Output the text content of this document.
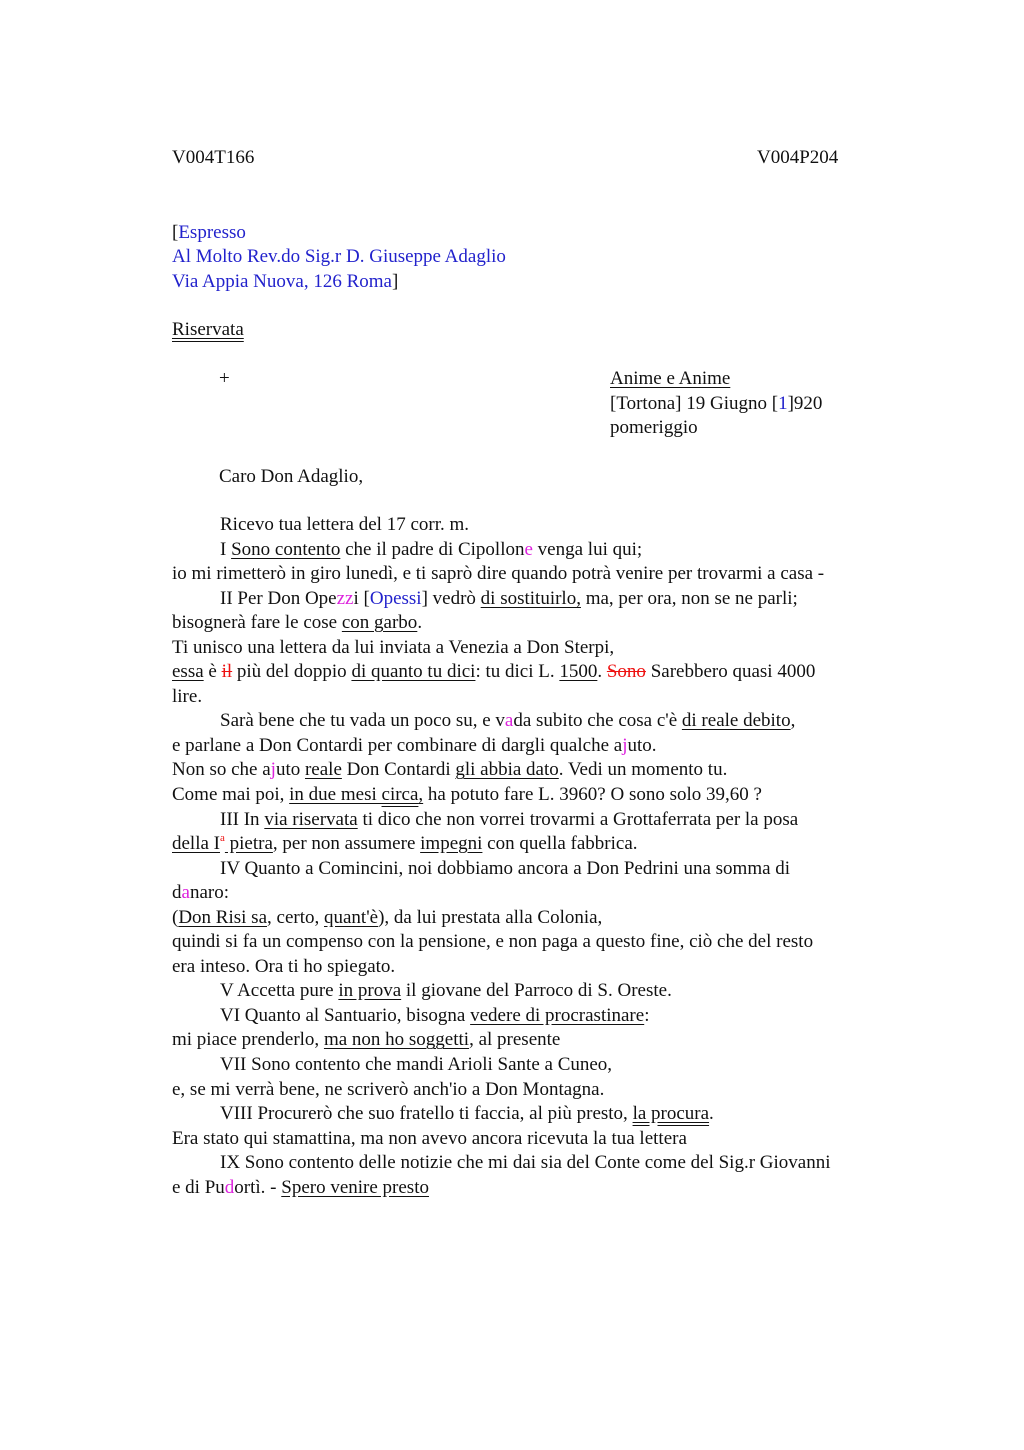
V004T166	V004P204
[Espresso
Al Molto Rev.do Sig.r D. Giuseppe Adaglio
Via Appia Nuova, 126 Roma]
Riservata
+	Anime e Anime
[Tortona] 19 Giugno [1]920
pomeriggio
Caro Don Adaglio,
Ricevo tua lettera del 17 corr. m.
I Sono contento che il padre di Cipollone venga lui qui;
io mi rimetterò in giro lunedì, e ti saprò dire quando potrà venire per trovarmi a casa -
II Per Don Opezzi [Opessi] vedrò di sostituirlo, ma, per ora, non se ne parli;
bisognerà fare le cose con garbo.
Ti unisco una lettera da lui inviata a Venezia a Don Sterpi,
essa è il più del doppio di quanto tu dici: tu dici L. 1500. Sono Sarebbero quasi 4000
lire.
Sarà bene che tu vada un poco su, e vada subito che cosa c'è di reale debito,
e parlane a Don Contardi per combinare di dargli qualche ajuto.
Non so che ajuto reale Don Contardi gli abbia dato. Vedi un momento tu.
Come mai poi, in due mesi circa, ha potuto fare L. 3960? O sono solo 39,60 ?
III In via riservata ti dico che non vorrei trovarmi a Grottaferrata per la posa
della $I^a$ pietra, per non assumere impegni con quella fabbrica.
IV Quanto a Comincini, noi dobbiamo ancora a Don Pedrini una somma di
danaro:
(Don Risi sa, certo, quant'è), da lui prestata alla Colonia,
quindi si fa un compenso con la pensione, e non paga a questo fine, ciò che del resto
era inteso. Ora ti ho spiegato.
V Accetta pure in prova il giovane del Parroco di S. Oreste.
VI Quanto al Santuario, bisogna vedere di procrastinare:
mi piace prenderlo, ma non ho soggetti, al presente
VII Sono contento che mandi Arioli Sante a Cuneo,
e, se mi verrà bene, ne scriverò anch'io a Don Montagna.
VIII Procurerò che suo fratello ti faccia, al più presto, la procura.
Era stato qui stamattina, ma non avevo ancora ricevuta la tua lettera
IX Sono contento delle notizie che mi dai sia del Conte come del Sig.r Giovanni
e di Pudortì. - Spero venire presto
